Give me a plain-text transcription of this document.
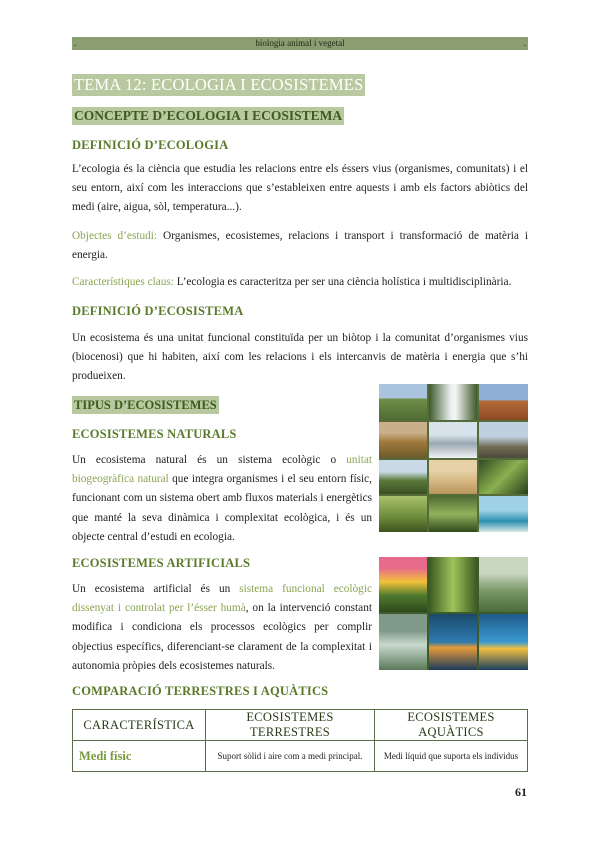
.	biologia animal i vegetal	.
TEMA 12: ECOLOGIA I ECOSISTEMES
CONCEPTE D’ECOLOGIA I ECOSISTEMA
DEFINICIÓ D’ECOLOGIA
L’ecologia és la ciència que estudia les relacions entre els éssers vius (organismes, comunitats) i el seu entorn, així com les interaccions que s’estableixen entre aquests i amb els factors abiòtics del medi (aire, aigua, sòl, temperatura...).
Objectes d’estudi: Organismes, ecosistemes, relacions i transport i transformació de matèria i energia.
Característiques claus: L’ecologia es caracteritza per ser una ciència holística i multidisciplinària.
DEFINICIÓ D’ECOSISTEMA
Un ecosistema és una unitat funcional constituïda per un biòtop i la comunitat d’organismes vius (biocenosi) que hi habiten, així com les relacions i els intercanvis de matèria i energia que s’hi produeixen.
TIPUS D’ECOSISTEMES
ECOSISTEMES NATURALS
Un ecosistema natural és un sistema ecològic o unitat biogeogràfica natural que integra organismes i el seu entorn físic, funcionant com un sistema obert amb fluxos materials i energètics que manté la seva dinàmica i complexitat ecològica, i és un objecte central d’estudi en ecologia.
ECOSISTEMES ARTIFICIALS
Un ecosistema artificial és un sistema funcional ecològic dissenyat i controlat per l’ésser humà, on la intervenció constant modifica i condiciona els processos ecològics per complir objectius específics, diferenciant-se clarament de la complexitat i autonomia pròpies dels ecosistemes naturals.
COMPARACIÓ TERRESTRES I AQUÀTICS
CARACTERÍSTICA	ECOSISTEMES TERRESTRES	ECOSISTEMES AQUÀTICS
Medi físic	Suport sòlid i aire com a medi principal.	Medi líquid que suporta els individus
61
